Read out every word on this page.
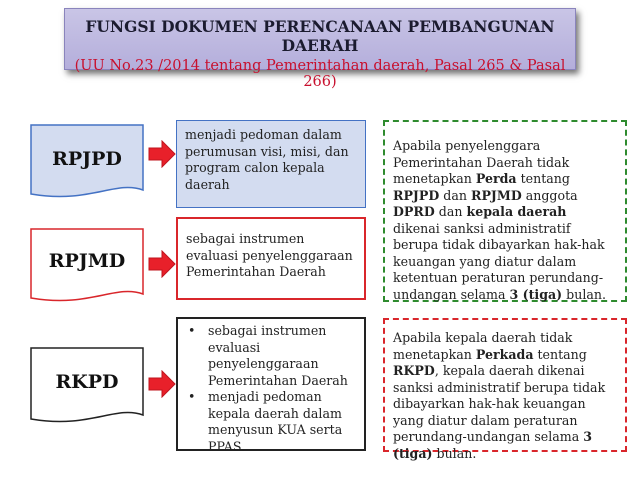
FUNGSI DOKUMEN PERENCANAAN PEMBANGUNAN DAERAH
(UU No.23 /2014 tentang Pemerintahan daerah, Pasal 265 & Pasal 266)
RPJPD
RPJMD
RKPD
menjadi pedoman dalam perumusan visi, misi, dan program calon kepala daerah
sebagai instrumen evaluasi penyelenggaraan Pemerintahan Daerah
• sebagai instrumen evaluasi penyelenggaraan Pemerintahan Daerah
• menjadi pedoman kepala daerah dalam menyusun KUA serta PPAS.
Apabila penyelenggara Pemerintahan Daerah tidak menetapkan Perda tentang RPJPD dan RPJMD anggota DPRD dan kepala daerah dikenai sanksi administratif berupa tidak dibayarkan hak-hak keuangan yang diatur dalam ketentuan peraturan perundang-undangan selama 3 (tiga) bulan.
Apabila kepala daerah tidak menetapkan Perkada tentang RKPD, kepala daerah dikenai sanksi administratif berupa tidak dibayarkan hak-hak keuangan yang diatur dalam peraturan perundang-undangan selama 3 (tiga) bulan.
